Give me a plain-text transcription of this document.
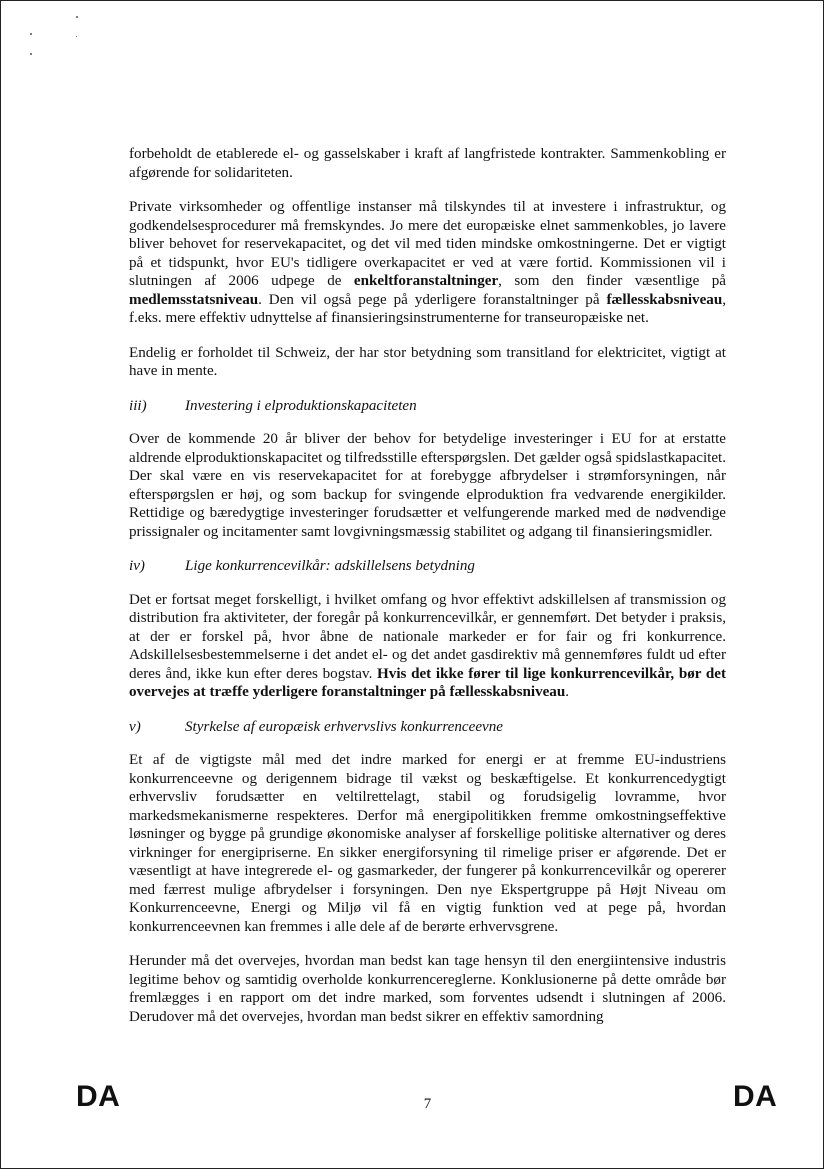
forbeholdt de etablerede el- og gasselskaber i kraft af langfristede kontrakter. Sammenkobling er afgørende for solidariteten.

Private virksomheder og offentlige instanser må tilskyndes til at investere i infrastruktur, og godkendelsesprocedurer må fremskyndes. Jo mere det europæiske elnet sammenkobles, jo lavere bliver behovet for reservekapacitet, og det vil med tiden mindske omkostningerne. Det er vigtigt på et tidspunkt, hvor EU's tidligere overkapacitet er ved at være fortid. Kommissionen vil i slutningen af 2006 udpege de enkeltforanstaltninger, som den finder væsentlige på medlemsstatsniveau. Den vil også pege på yderligere foranstaltninger på fællesskabsniveau, f.eks. mere effektiv udnyttelse af finansieringsinstrumenterne for transeuropæiske net.

Endelig er forholdet til Schweiz, der har stor betydning som transitland for elektricitet, vigtigt at have in mente.

iii)	Investering i elproduktionskapaciteten

Over de kommende 20 år bliver der behov for betydelige investeringer i EU for at erstatte aldrende elproduktionskapacitet og tilfredsstille efterspørgslen. Det gælder også spidslastkapacitet. Der skal være en vis reservekapacitet for at forebygge afbrydelser i strømforsyningen, når efterspørgslen er høj, og som backup for svingende elproduktion fra vedvarende energikilder. Rettidige og bæredygtige investeringer forudsætter et velfungerende marked med de nødvendige prissignaler og incitamenter samt lovgivningsmæssig stabilitet og adgang til finansieringsmidler.

iv)	Lige konkurrencevilkår: adskillelsens betydning

Det er fortsat meget forskelligt, i hvilket omfang og hvor effektivt adskillelsen af transmission og distribution fra aktiviteter, der foregår på konkurrencevilkår, er gennemført. Det betyder i praksis, at der er forskel på, hvor åbne de nationale markeder er for fair og fri konkurrence. Adskillelsesbestemmelserne i det andet el- og det andet gasdirektiv må gennemføres fuldt ud efter deres ånd, ikke kun efter deres bogstav. Hvis det ikke fører til lige konkurrencevilkår, bør det overvejes at træffe yderligere foranstaltninger på fællesskabsniveau.

v)	Styrkelse af europæisk erhvervslivs konkurrenceevne

Et af de vigtigste mål med det indre marked for energi er at fremme EU-industriens konkurrenceevne og derigennem bidrage til vækst og beskæftigelse. Et konkurrencedygtigt erhvervsliv forudsætter en veltilrettelagt, stabil og forudsigelig lovramme, hvor markedsmekanismerne respekteres. Derfor må energipolitikken fremme omkostningseffektive løsninger og bygge på grundige økonomiske analyser af forskellige politiske alternativer og deres virkninger for energipriserne. En sikker energiforsyning til rimelige priser er afgørende. Det er væsentligt at have integrerede el- og gasmarkeder, der fungerer på konkurrencevilkår og opererer med færrest mulige afbrydelser i forsyningen. Den nye Ekspertgruppe på Højt Niveau om Konkurrenceevne, Energi og Miljø vil få en vigtig funktion ved at pege på, hvordan konkurrenceevnen kan fremmes i alle dele af de berørte erhvervsgrene.

Herunder må det overvejes, hvordan man bedst kan tage hensyn til den energiintensive industris legitime behov og samtidig overholde konkurrencereglerne. Konklusionerne på dette område bør fremlægges i en rapport om det indre marked, som forventes udsendt i slutningen af 2006. Derudover må det overvejes, hvordan man bedst sikrer en effektiv samordning

DA	7	DA
